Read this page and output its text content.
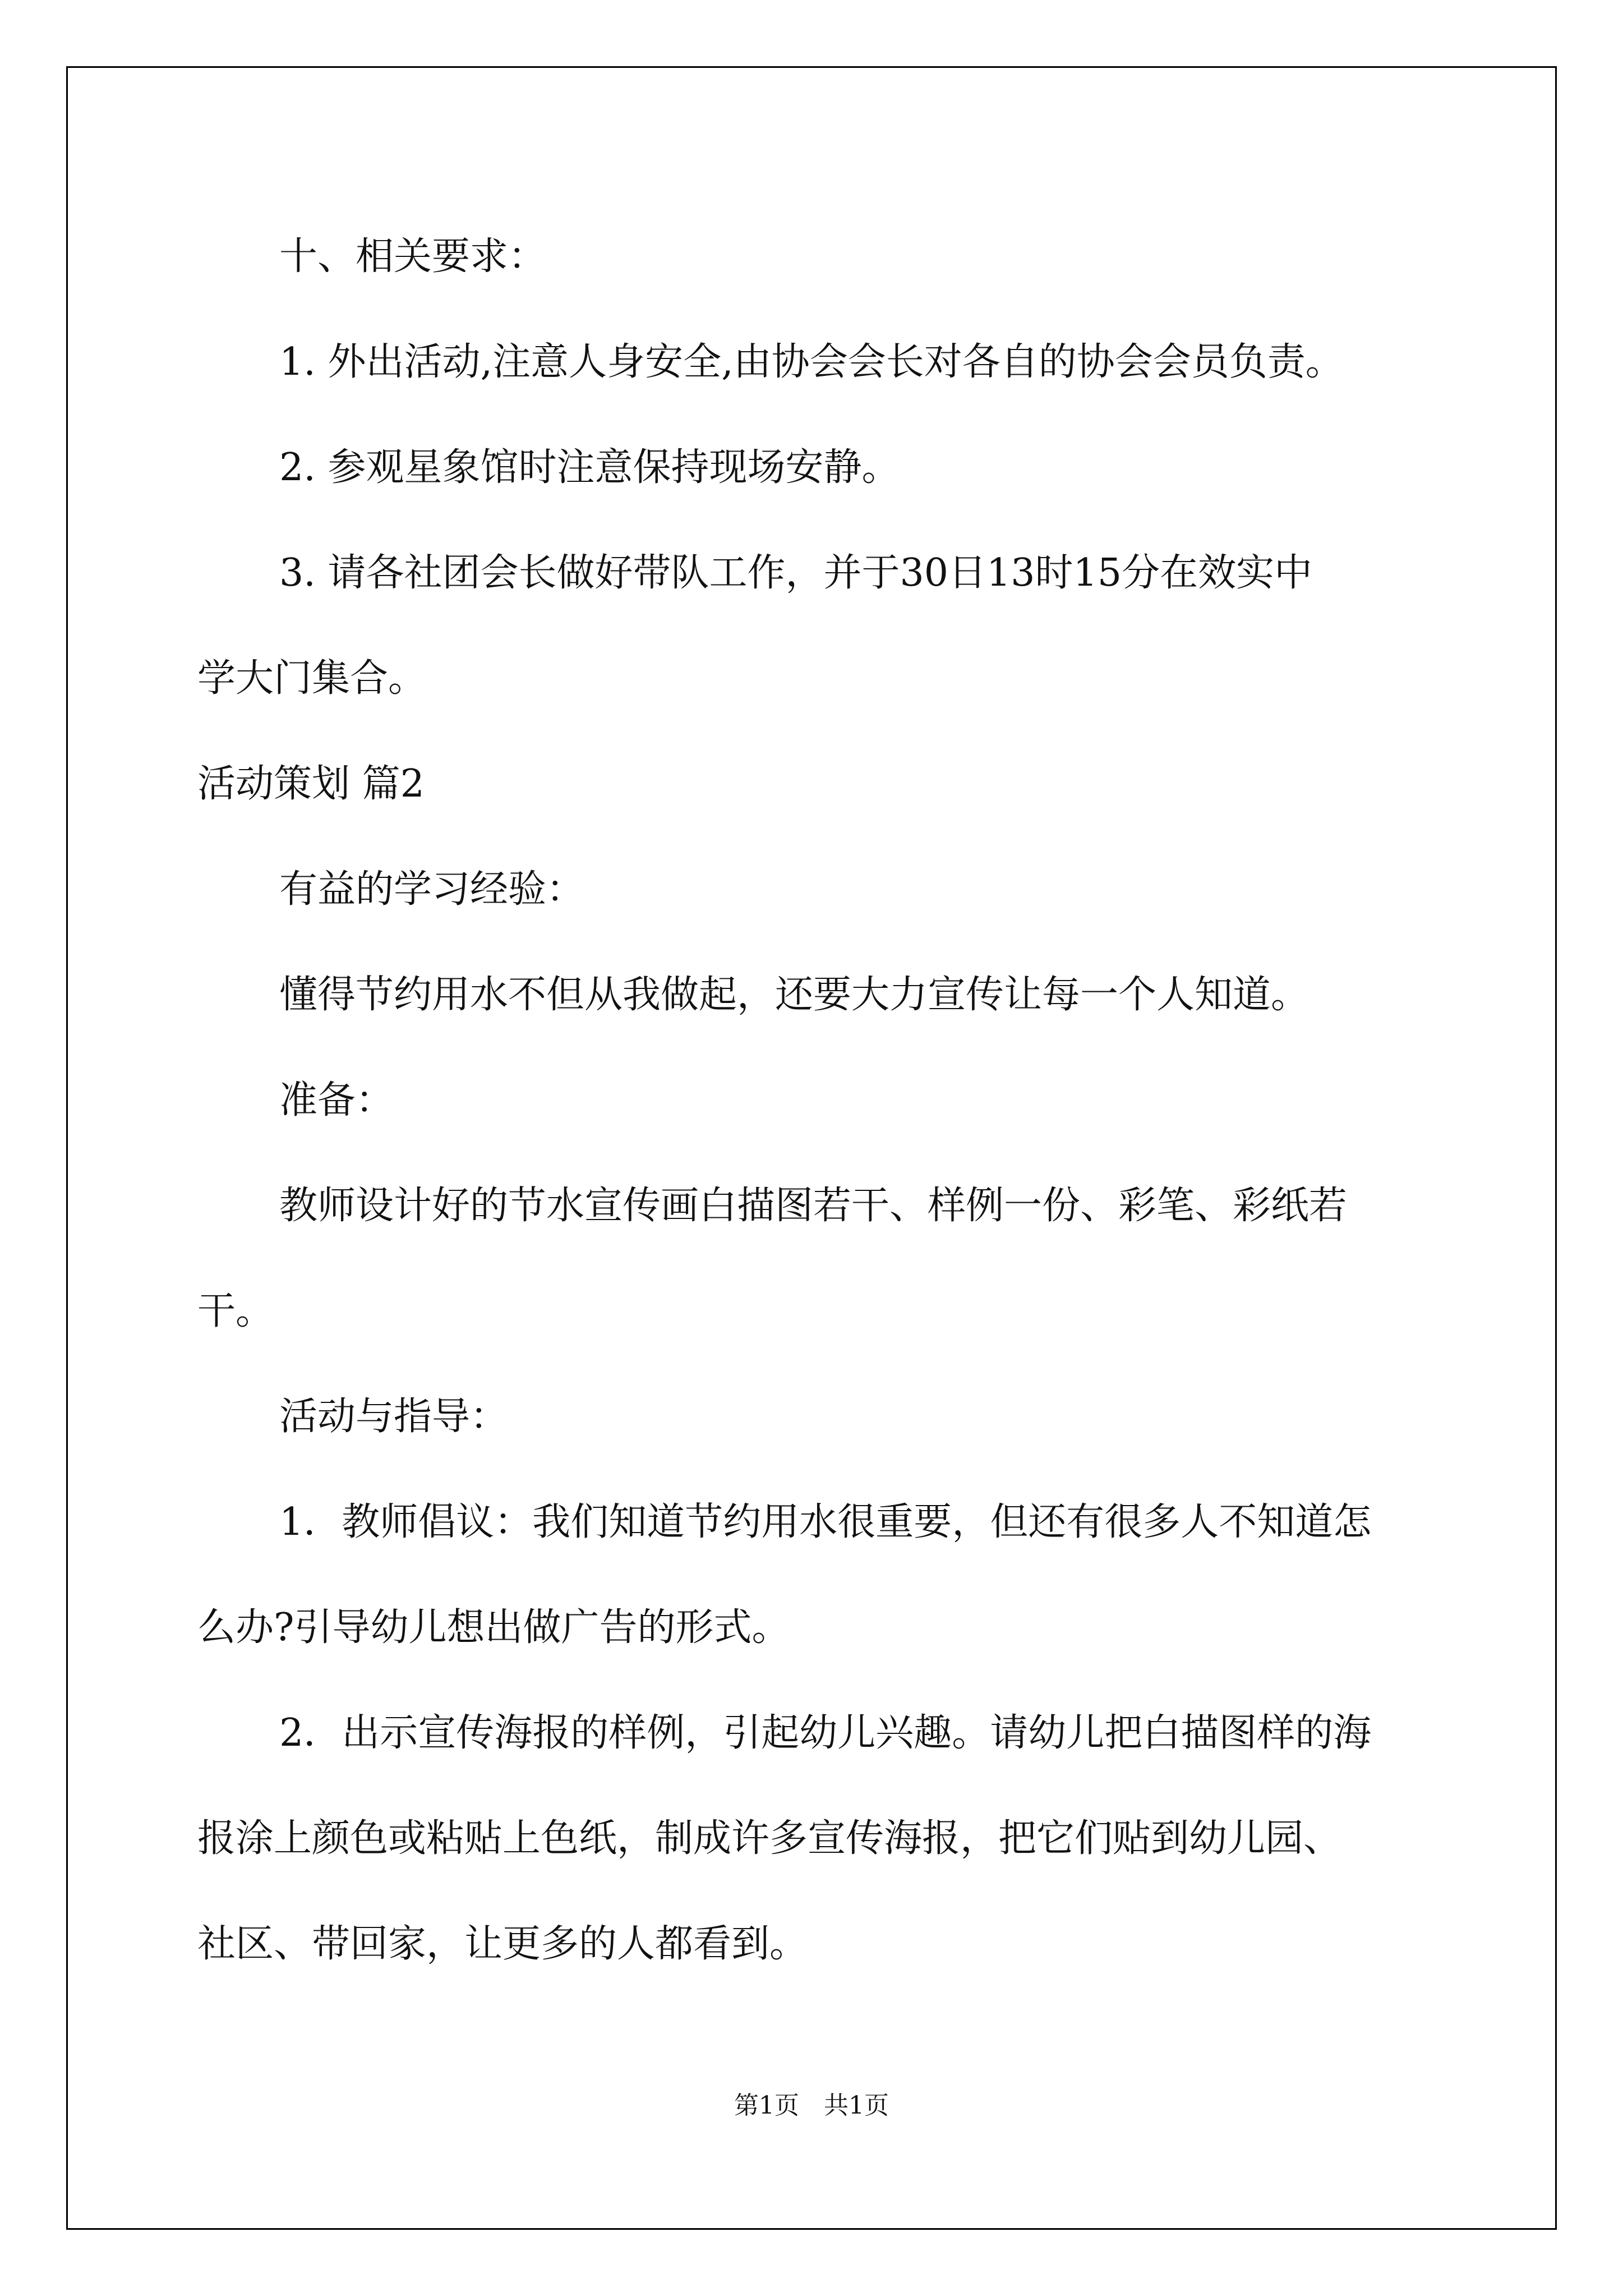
十、相关要求：
1. 外出活动,注意人身安全,由协会会长对各自的协会会员负责。
2. 参观星象馆时注意保持现场安静。
3. 请各社团会长做好带队工作，并于30日13时15分在效实中
学大门集合。
活动策划 篇2
有益的学习经验：
懂得节约用水不但从我做起，还要大力宣传让每一个人知道。
准备：
教师设计好的节水宣传画白描图若干、样例一份、彩笔、彩纸若
干。
活动与指导：
1．教师倡议：我们知道节约用水很重要，但还有很多人不知道怎
么办?引导幼儿想出做广告的形式。
2．出示宣传海报的样例，引起幼儿兴趣。请幼儿把白描图样的海
报涂上颜色或粘贴上色纸，制成许多宣传海报，把它们贴到幼儿园、
社区、带回家，让更多的人都看到。
第1页　共1页
